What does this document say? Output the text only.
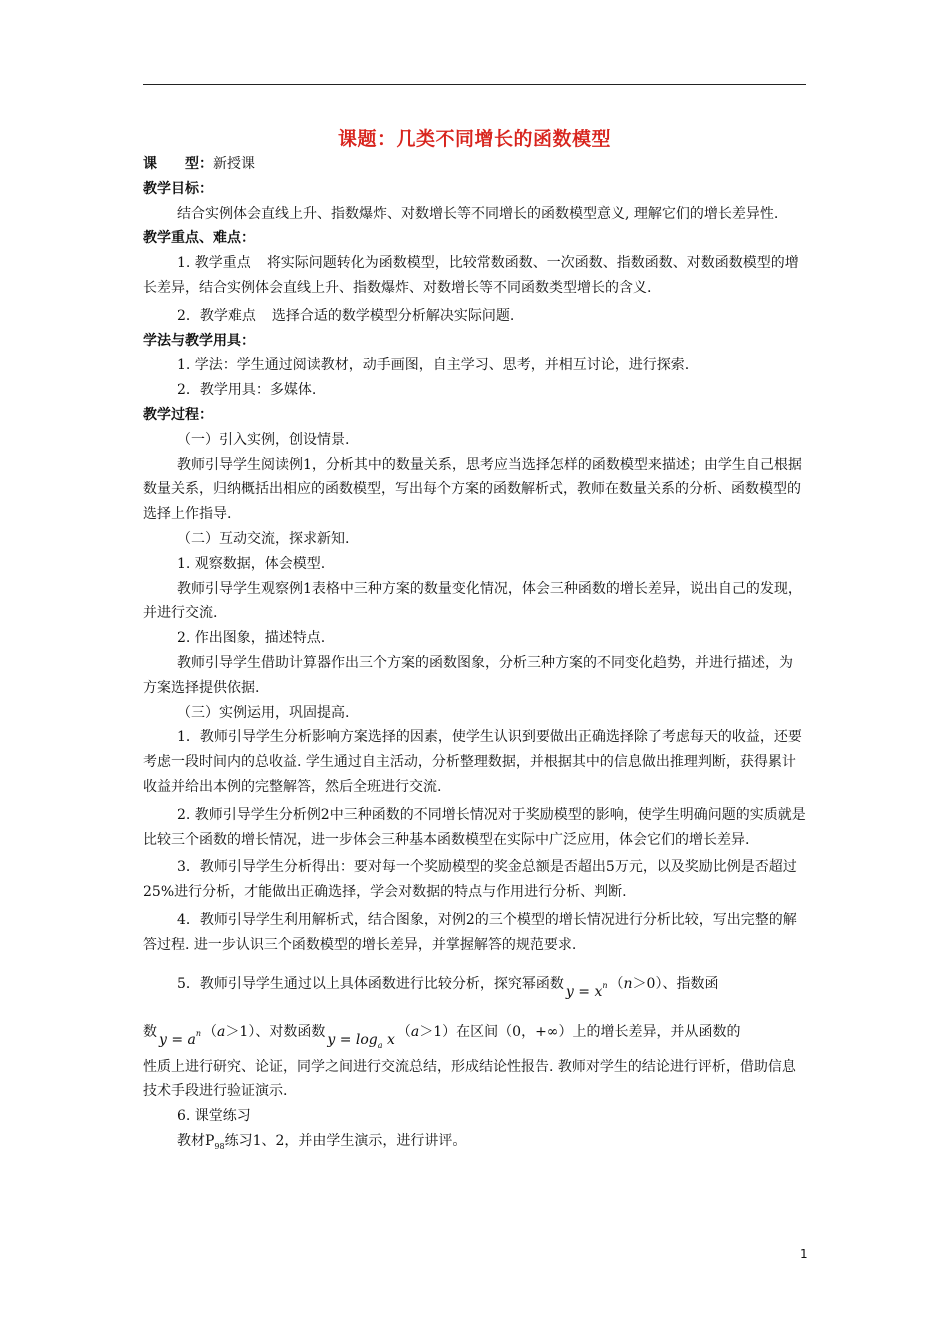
课题：几类不同增长的函数模型

课　　型：新授课

教学目标：

结合实例体会直线上升、指数爆炸、对数增长等不同增长的函数模型意义, 理解它们的增长差异性.

教学重点、难点：

1. 教学重点 将实际问题转化为函数模型，比较常数函数、一次函数、指数函数、对数函数模型的增长差异，结合实例体会直线上升、指数爆炸、对数增长等不同函数类型增长的含义.

2．教学难点 选择合适的数学模型分析解决实际问题.

学法与教学用具：

1. 学法：学生通过阅读教材，动手画图，自主学习、思考，并相互讨论，进行探索.

2．教学用具：多媒体.

教学过程：

（一）引入实例，创设情景.

教师引导学生阅读例1，分析其中的数量关系，思考应当选择怎样的函数模型来描述；由学生自己根据数量关系，归纳概括出相应的函数模型，写出每个方案的函数解析式，教师在数量关系的分析、函数模型的选择上作指导.

（二）互动交流，探求新知.

1. 观察数据，体会模型.

教师引导学生观察例1表格中三种方案的数量变化情况，体会三种函数的增长差异，说出自己的发现，并进行交流.

2. 作出图象，描述特点.

教师引导学生借助计算器作出三个方案的函数图象，分析三种方案的不同变化趋势，并进行描述，为方案选择提供依据.

（三）实例运用，巩固提高.

1．教师引导学生分析影响方案选择的因素，使学生认识到要做出正确选择除了考虑每天的收益，还要考虑一段时间内的总收益. 学生通过自主活动，分析整理数据，并根据其中的信息做出推理判断，获得累计收益并给出本例的完整解答，然后全班进行交流.

2. 教师引导学生分析例2中三种函数的不同增长情况对于奖励模型的影响，使学生明确问题的实质就是比较三个函数的增长情况，进一步体会三种基本函数模型在实际中广泛应用，体会它们的增长差异.

3．教师引导学生分析得出：要对每一个奖励模型的奖金总额是否超出5万元，以及奖励比例是否超过25%进行分析，才能做出正确选择，学会对数据的特点与作用进行分析、判断.

4．教师引导学生利用解析式，结合图象，对例2的三个模型的增长情况进行分析比较，写出完整的解答过程. 进一步认识三个函数模型的增长差异，并掌握解答的规范要求.

5．教师引导学生通过以上具体函数进行比较分析，探究幂函数 $y = x^n$ （n＞0）、指数函

数 $y = a^n$ （a＞1）、对数函数 $y = \log_a x$ （a＞1）在区间（0，+∞）上的增长差异，并从函数的

性质上进行研究、论证，同学之间进行交流总结，形成结论性报告. 教师对学生的结论进行评析，借助信息技术手段进行验证演示.

6. 课堂练习

教材$P_{98}$练习1、2，并由学生演示，进行讲评。

1
